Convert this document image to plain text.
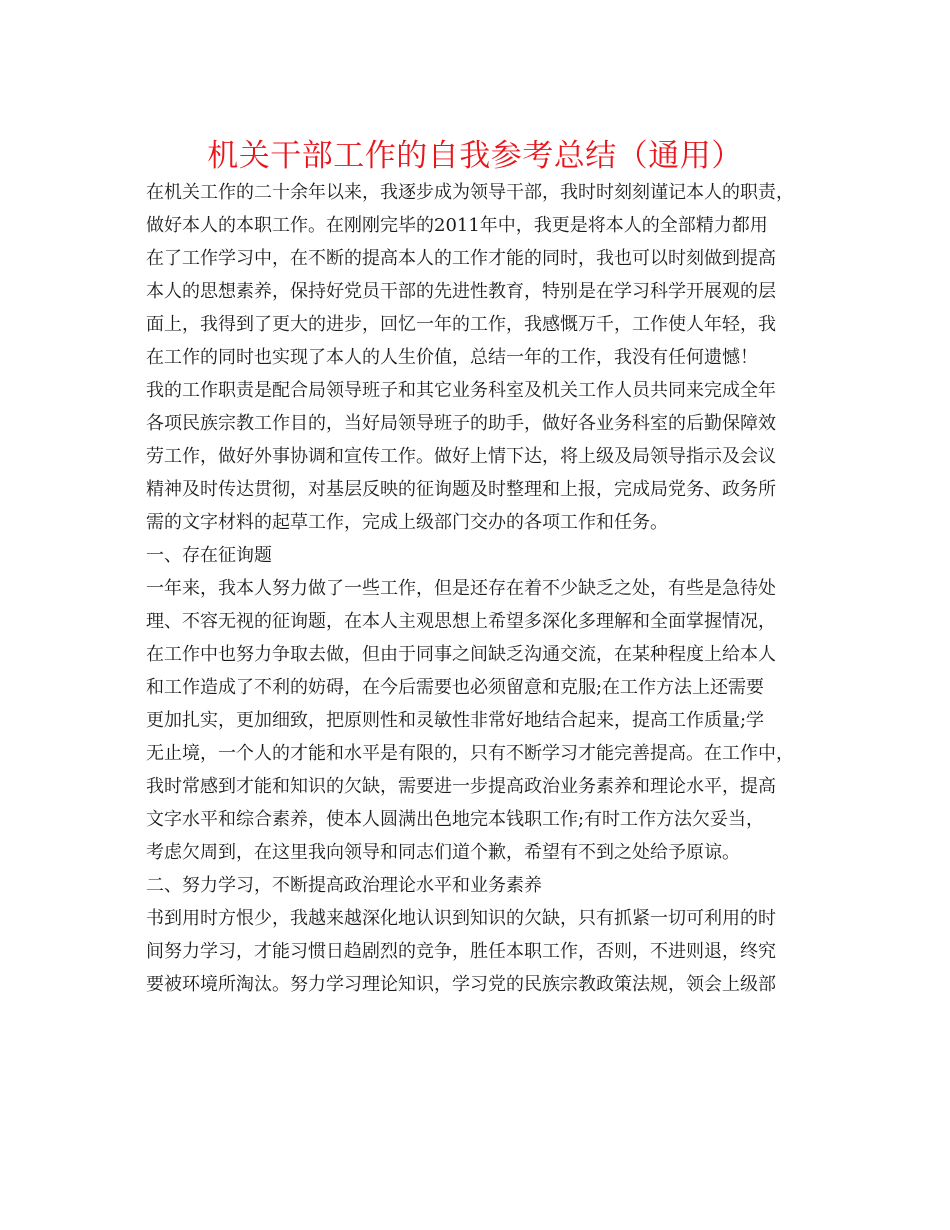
机关干部工作的自我参考总结（通用）
在机关工作的二十余年以来，我逐步成为领导干部，我时时刻刻谨记本人的职责，
做好本人的本职工作。在刚刚完毕的2011年中，我更是将本人的全部精力都用
在了工作学习中，在不断的提高本人的工作才能的同时，我也可以时刻做到提高
本人的思想素养，保持好党员干部的先进性教育，特别是在学习科学开展观的层
面上，我得到了更大的进步，回忆一年的工作，我感慨万千，工作使人年轻，我
在工作的同时也实现了本人的人生价值，总结一年的工作，我没有任何遗憾！
我的工作职责是配合局领导班子和其它业务科室及机关工作人员共同来完成全年
各项民族宗教工作目的，当好局领导班子的助手，做好各业务科室的后勤保障效
劳工作，做好外事协调和宣传工作。做好上情下达，将上级及局领导指示及会议
精神及时传达贯彻，对基层反映的征询题及时整理和上报，完成局党务、政务所
需的文字材料的起草工作，完成上级部门交办的各项工作和任务。
一、存在征询题
一年来，我本人努力做了一些工作，但是还存在着不少缺乏之处，有些是急待处
理、不容无视的征询题，在本人主观思想上希望多深化多理解和全面掌握情况，
在工作中也努力争取去做，但由于同事之间缺乏沟通交流，在某种程度上给本人
和工作造成了不利的妨碍，在今后需要也必须留意和克服;在工作方法上还需要
更加扎实，更加细致，把原则性和灵敏性非常好地结合起来，提高工作质量;学
无止境，一个人的才能和水平是有限的，只有不断学习才能完善提高。在工作中，
我时常感到才能和知识的欠缺，需要进一步提高政治业务素养和理论水平，提高
文字水平和综合素养，使本人圆满出色地完本钱职工作;有时工作方法欠妥当，
考虑欠周到，在这里我向领导和同志们道个歉，希望有不到之处给予原谅。
二、努力学习，不断提高政治理论水平和业务素养
书到用时方恨少，我越来越深化地认识到知识的欠缺，只有抓紧一切可利用的时
间努力学习，才能习惯日趋剧烈的竞争，胜任本职工作，否则，不进则退，终究
要被环境所淘汰。努力学习理论知识，学习党的民族宗教政策法规，领会上级部
